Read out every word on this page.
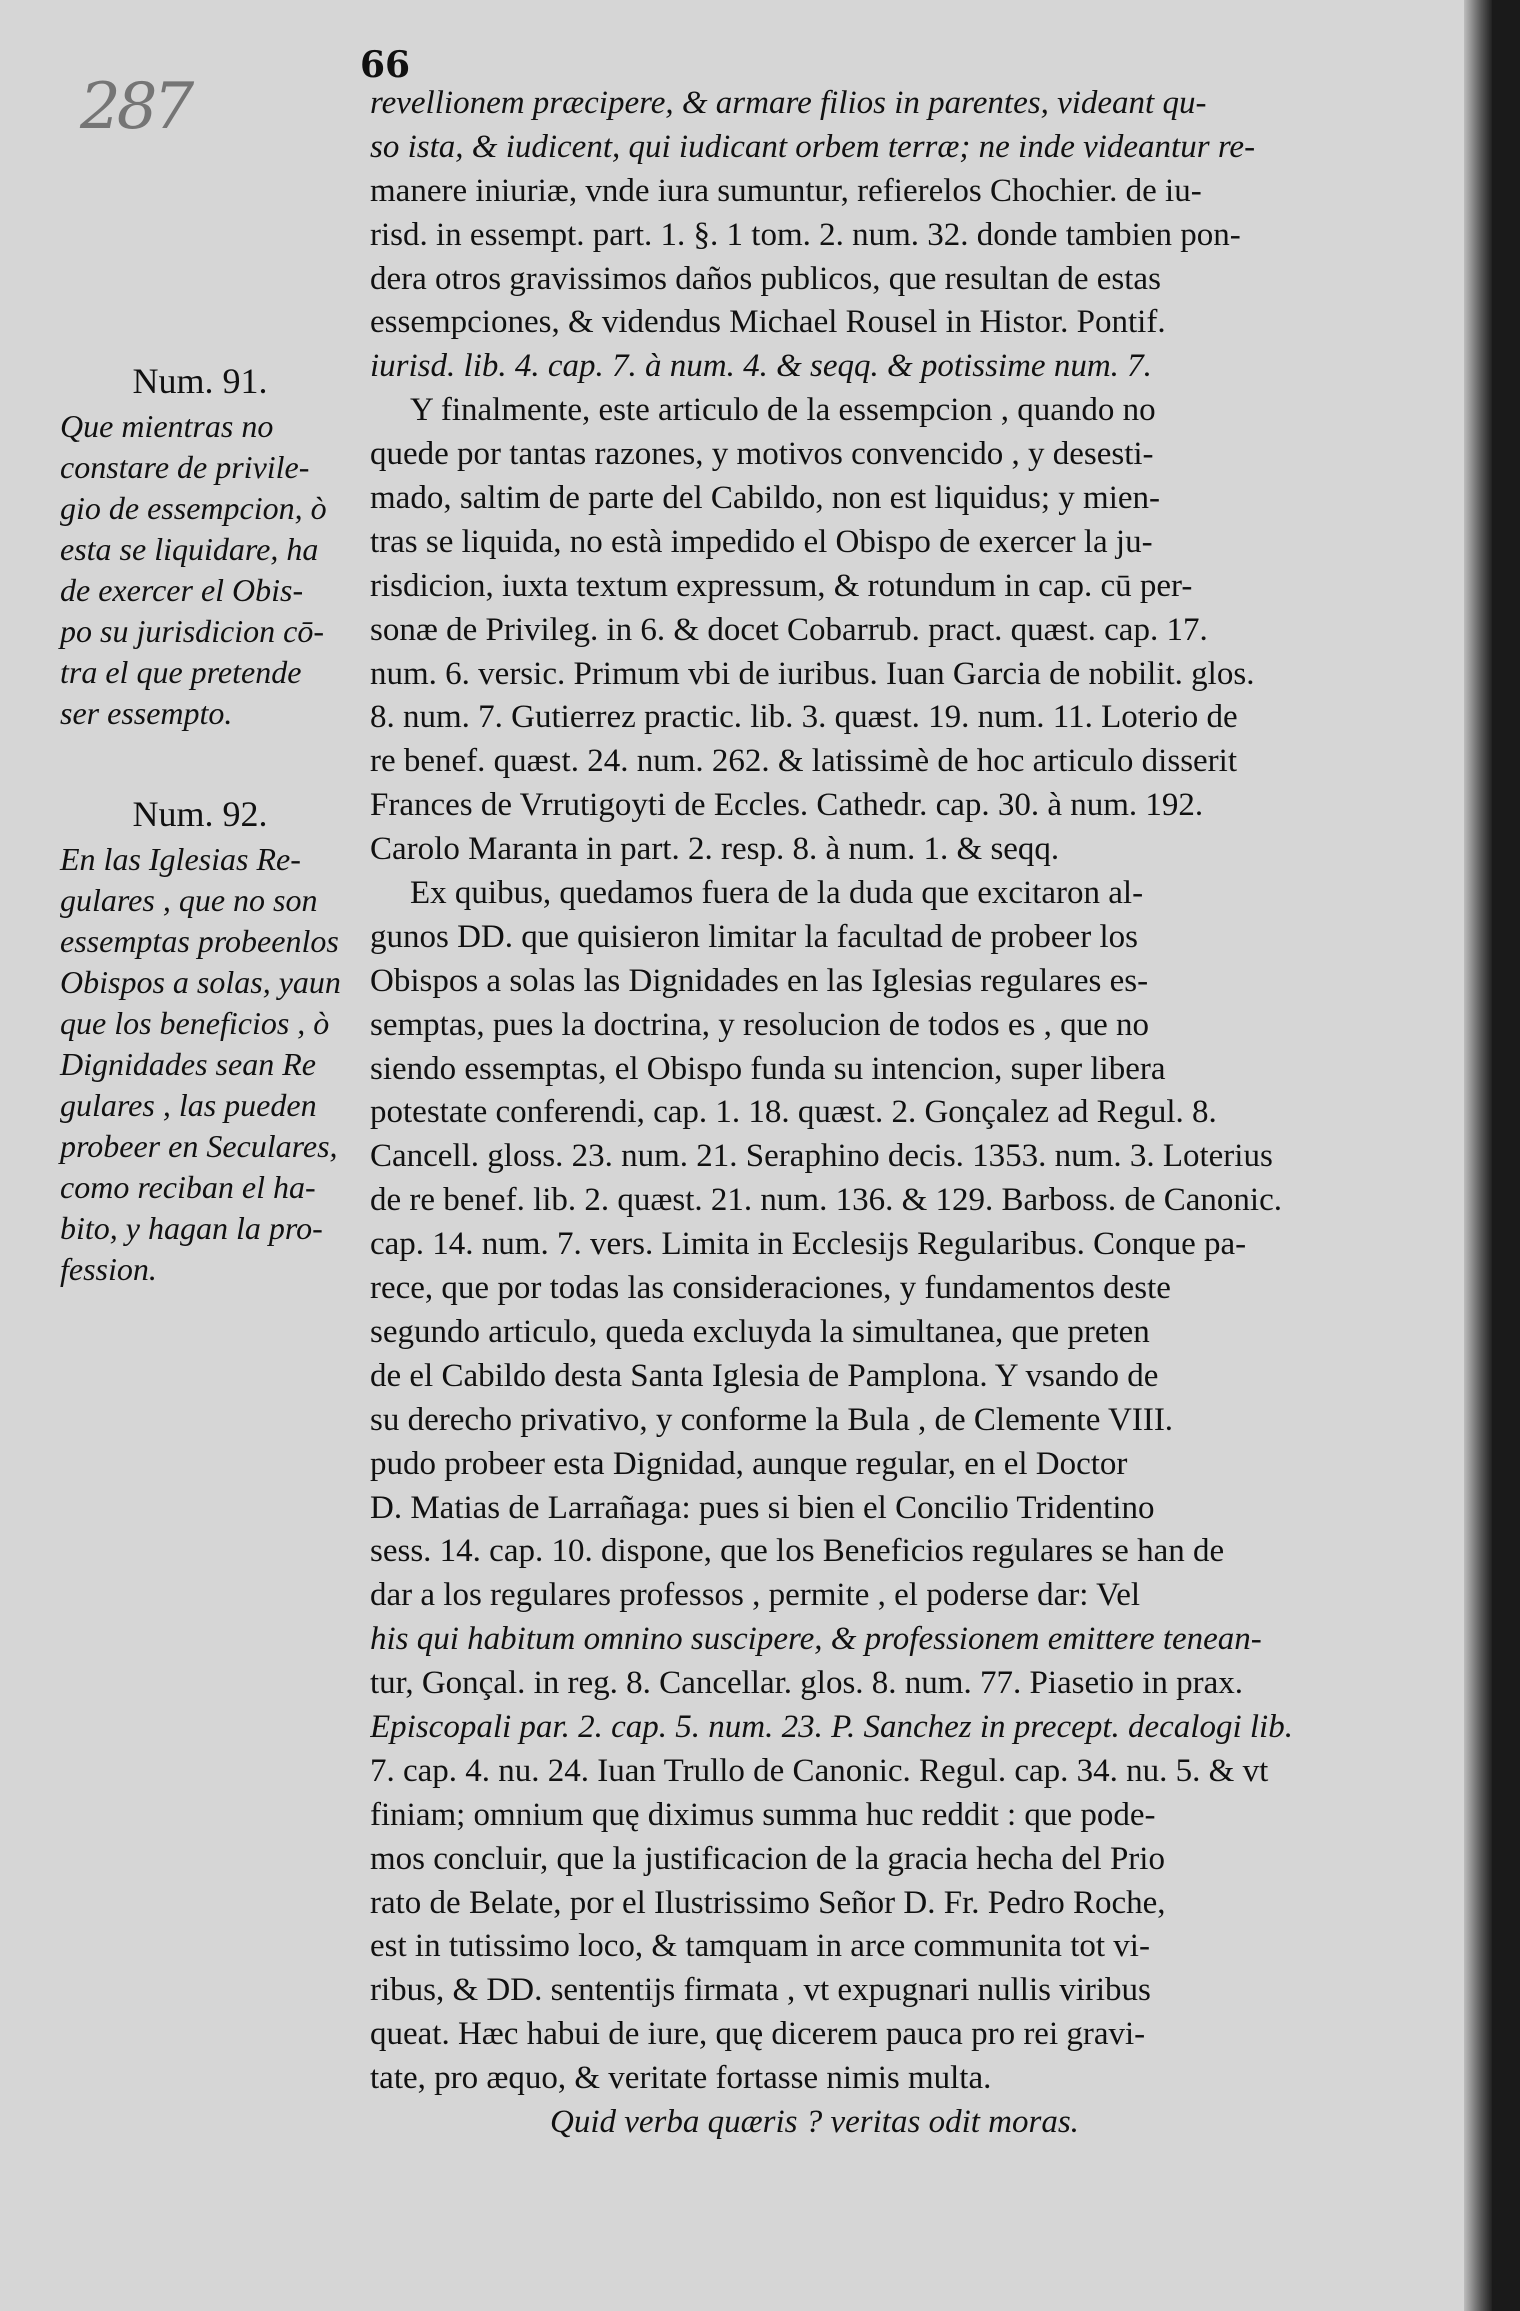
287
66
Num. 91.
Que mientras no
constare de privile-
gio de essempcion, ò
esta se liquidare, ha
de exercer el Obis-
po su jurisdicion cō-
tra el que pretende
ser essempto.
Num. 92.
En las Iglesias Re-
gulares , que no son
essemptas probeenlos
Obispos a solas, yaun
que los beneficios , ò
Dignidades sean Re
gulares , las pueden
probeer en Seculares,
como reciban el ha-
bito, y hagan la pro-
fession.
revellionem præcipere, & armare filios in parentes, videant qu-
so ista, & iudicent, qui iudicant orbem terræ; ne inde videantur re-
manere iniuriæ, vnde iura sumuntur, refierelos Chochier. de iu-
risd. in essempt. part. 1. §. 1 tom. 2. num. 32. donde tambien pon-
dera otros gravissimos daños publicos, que resultan de estas
essempciones, & videndus Michael Rousel in Histor. Pontif.
iurisd. lib. 4. cap. 7. à num. 4. & seqq. & potissime num. 7.
Y finalmente, este articulo de la essempcion , quando no
quede por tantas razones, y motivos convencido , y desesti-
mado, saltim de parte del Cabildo, non est liquidus; y mien-
tras se liquida, no està impedido el Obispo de exercer la ju-
risdicion, iuxta textum expressum, & rotundum in cap. cū per-
sonæ de Privileg. in 6. & docet Cobarrub. pract. quæst. cap. 17.
num. 6. versic. Primum vbi de iuribus. Iuan Garcia de nobilit. glos.
8. num. 7. Gutierrez practic. lib. 3. quæst. 19. num. 11. Loterio de
re benef. quæst. 24. num. 262. & latissimè de hoc articulo disserit
Frances de Vrrutigoyti de Eccles. Cathedr. cap. 30. à num. 192.
Carolo Maranta in part. 2. resp. 8. à num. 1. & seqq.
Ex quibus, quedamos fuera de la duda que excitaron al-
gunos DD. que quisieron limitar la facultad de probeer los
Obispos a solas las Dignidades en las Iglesias regulares es-
semptas, pues la doctrina, y resolucion de todos es , que no
siendo essemptas, el Obispo funda su intencion, super libera
potestate conferendi, cap. 1. 18. quæst. 2. Gonçalez ad Regul. 8.
Cancell. gloss. 23. num. 21. Seraphino decis. 1353. num. 3. Loterius
de re benef. lib. 2. quæst. 21. num. 136. & 129. Barboss. de Canonic.
cap. 14. num. 7. vers. Limita in Ecclesijs Regularibus. Conque pa-
rece, que por todas las consideraciones, y fundamentos deste
segundo articulo, queda excluyda la simultanea, que preten
de el Cabildo desta Santa Iglesia de Pamplona. Y vsando de
su derecho privativo, y conforme la Bula , de Clemente VIII.
pudo probeer esta Dignidad, aunque regular, en el Doctor
D. Matias de Larrañaga: pues si bien el Concilio Tridentino
sess. 14. cap. 10. dispone, que los Beneficios regulares se han de
dar a los regulares professos , permite , el poderse dar: Vel
his qui habitum omnino suscipere, & professionem emittere tenean-
tur, Gonçal. in reg. 8. Cancellar. glos. 8. num. 77. Piasetio in prax.
Episcopali par. 2. cap. 5. num. 23. P. Sanchez in precept. decalogi lib.
7. cap. 4. nu. 24. Iuan Trullo de Canonic. Regul. cap. 34. nu. 5. & vt
finiam; omnium quę diximus summa huc reddit : que pode-
mos concluir, que la justificacion de la gracia hecha del Prio
rato de Belate, por el Ilustrissimo Señor D. Fr. Pedro Roche,
est in tutissimo loco, & tamquam in arce communita tot vi-
ribus, & DD. sententijs firmata , vt expugnari nullis viribus
queat. Hæc habui de iure, quę dicerem pauca pro rei gravi-
tate, pro æquo, & veritate fortasse nimis multa.
Quid verba quæris ? veritas odit moras.
